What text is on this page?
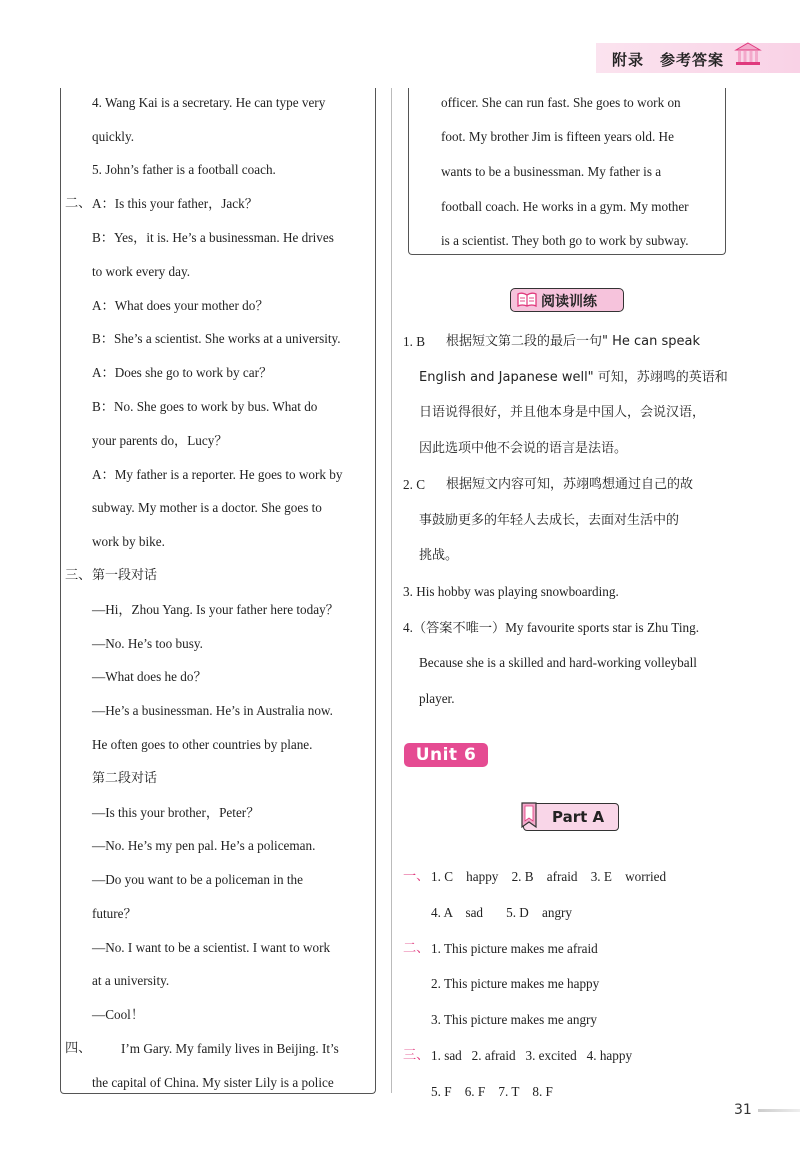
附录 参考答案
4. Wang Kai is a secretary. He can type very
quickly.
5. John’s father is a football coach.
二、 A：Is this your father，Jack？
B：Yes，it is. He’s a businessman. He drives
to work every day.
A：What does your mother do？
B：She’s a scientist. She works at a university.
A：Does she go to work by car？
B：No. She goes to work by bus. What do
your parents do，Lucy？
A：My father is a reporter. He goes to work by
subway. My mother is a doctor. She goes to
work by bike.
三、 第一段对话
—Hi，Zhou Yang. Is your father here today？
—No. He’s too busy.
—What does he do？
—He’s a businessman. He’s in Australia now.
He often goes to other countries by plane.
第二段对话
—Is this your brother，Peter？
—No. He’s my pen pal. He’s a policeman.
—Do you want to be a policeman in the
future？
—No. I want to be a scientist. I want to work
at a university.
—Cool！
四、 I’m Gary. My family lives in Beijing. It’s
the capital of China. My sister Lily is a police
officer. She can run fast. She goes to work on
foot. My brother Jim is fifteen years old. He
wants to be a businessman. My father is a
football coach. He works in a gym. My mother
is a scientist. They both go to work by subway.
阅读训练
1. B 根据短文第二段的最后一句" He can speak
English and Japanese well" 可知，苏翊鸣的英语和
日语说得很好，并且他本身是中国人，会说汉语，
因此选项中他不会说的语言是法语。
2. C 根据短文内容可知，苏翊鸣想通过自己的故
事鼓励更多的年轻人去成长，去面对生活中的
挑战。
3. His hobby was playing snowboarding.
4.（答案不唯一）My favourite sports star is Zhu Ting.
Because she is a skilled and hard-working volleyball
player.
Unit 6
Part A
一、 1. C    happy    2. B    afraid    3. E    worried
4. A    sad       5. D    angry
二、 1. This picture makes me afraid
2. This picture makes me happy
3. This picture makes me angry
三、 1. sad   2. afraid   3. excited   4. happy
5. F    6. F    7. T    8. F
31
